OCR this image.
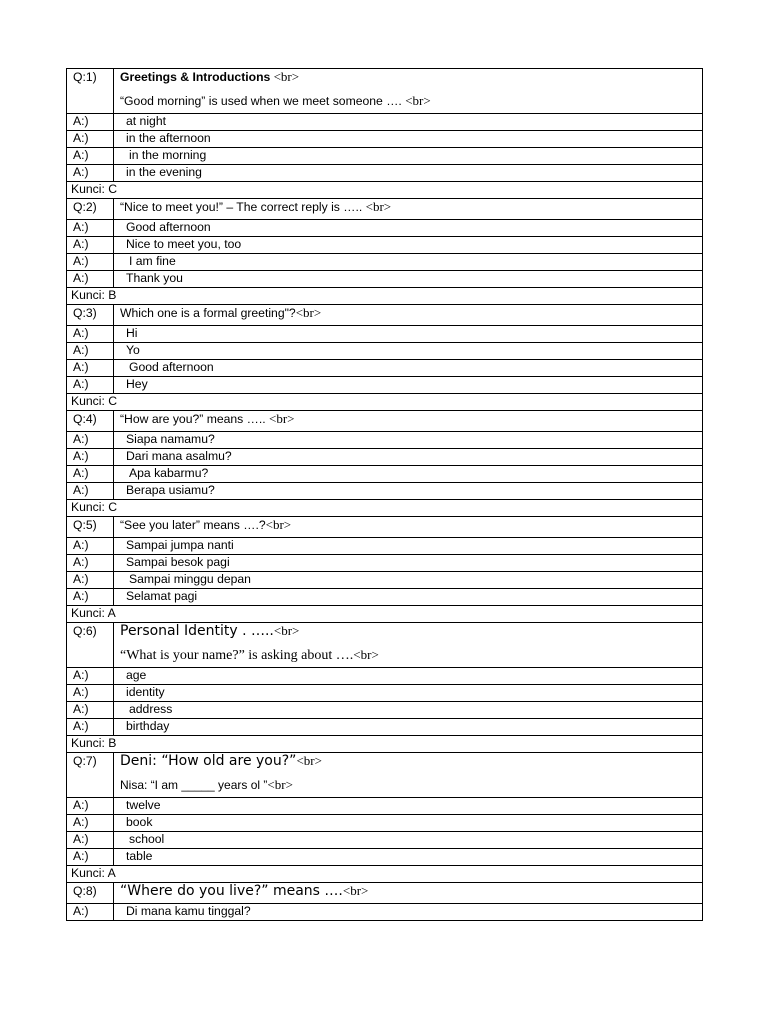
Q:1)	Greetings & Introductions <br>
“Good morning” is used when we meet someone …. <br>

A:)	at night
A:)	in the afternoon
A:)	in the morning
A:)	in the evening
Kunci: C	
Q:2)	“Nice to meet you!” – The correct reply is ….. <br>

A:)	Good afternoon
A:)	Nice to meet you, too
A:)	I am fine
A:)	Thank you
Kunci: B	
Q:3)	Which one is a formal greeting"?<br>

A:)	Hi
A:)	Yo
A:)	Good afternoon
A:)	Hey
Kunci: C	
Q:4)	“How are you?” means ….. <br>

A:)	Siapa namamu?
A:)	Dari mana asalmu?
A:)	Apa kabarmu?
A:)	Berapa usiamu?
Kunci: C	
Q:5)	“See you later” means ….?<br>

A:)	Sampai jumpa nanti
A:)	Sampai besok pagi
A:)	Sampai minggu depan
A:)	Selamat pagi
Kunci: A	
Q:6)	Personal Identity . …..<br>
“What is your name?” is asking about ….<br>

A:)	age
A:)	identity
A:)	address
A:)	birthday
Kunci: B	
Q:7)	Deni: “How old are you?”<br>
Nisa: “I am _____ years ol ”<br>

A:)	twelve
A:)	book
A:)	school
A:)	table
Kunci: A	
Q:8)	“Where do you live?” means ….<br>

A:)	Di mana kamu tinggal?
